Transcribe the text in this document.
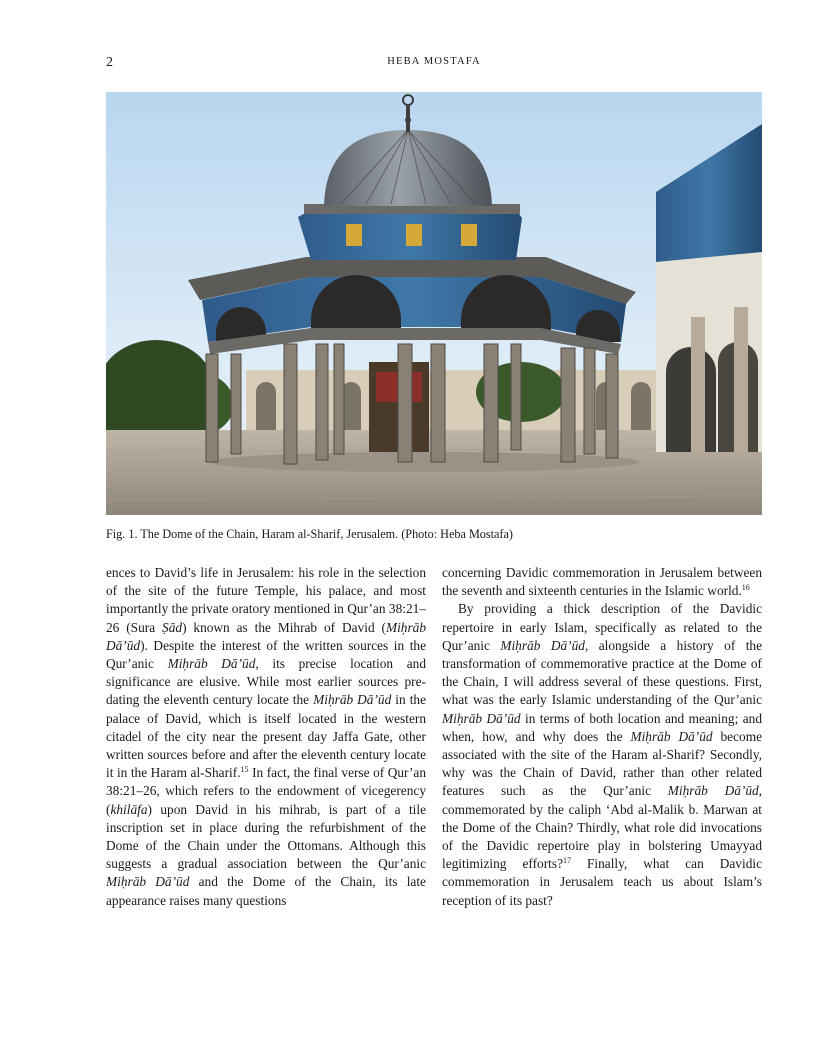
2	HEBA MOSTAFA
Fig. 1. The Dome of the Chain, Haram al-Sharif, Jerusalem. (Photo: Heba Mostafa)

ences to David’s life in Jerusalem: his role in the selection of the site of the future Temple, his palace, and most importantly the private oratory mentioned in Qur’an 38:21–26 (Sura Ṣād) known as the Mihrab of David (Miḥrāb Dā’ūd). Despite the interest of the written sources in the Qur’anic Miḥrāb Dā’ūd, its precise location and significance are elusive. While most earlier sources pre-dating the eleventh century locate the Miḥrāb Dā’ūd in the palace of David, which is itself located in the western citadel of the city near the present day Jaffa Gate, other written sources before and after the eleventh century locate it in the Haram al-Sharif.$^{15}$ In fact, the final verse of Qur’an 38:21–26, which refers to the endowment of vicegerency (khilāfa) upon David in his mihrab, is part of a tile inscription set in place during the refurbishment of the Dome of the Chain under the Ottomans. Although this suggests a gradual association between the Qur’anic Miḥrāb Dā’ūd and the Dome of the Chain, its late appearance raises many questions

concerning Davidic commemoration in Jerusalem between the seventh and sixteenth centuries in the Islamic world.$^{16}$

By providing a thick description of the Davidic repertoire in early Islam, specifically as related to the Qur’anic Miḥrāb Dā’ūd, alongside a history of the transformation of commemorative practice at the Dome of the Chain, I will address several of these questions. First, what was the early Islamic understanding of the Qur’anic Miḥrāb Dā’ūd in terms of both location and meaning; and when, how, and why does the Miḥrāb Dā’ūd become associated with the site of the Haram al-Sharif? Secondly, why was the Chain of David, rather than other related features such as the Qur’anic Miḥrāb Dā’ūd, commemorated by the caliph ‘Abd al-Malik b. Marwan at the Dome of the Chain? Thirdly, what role did invocations of the Davidic repertoire play in bolstering Umayyad legitimizing efforts?$^{17}$ Finally, what can Davidic commemoration in Jerusalem teach us about Islam’s reception of its past?
